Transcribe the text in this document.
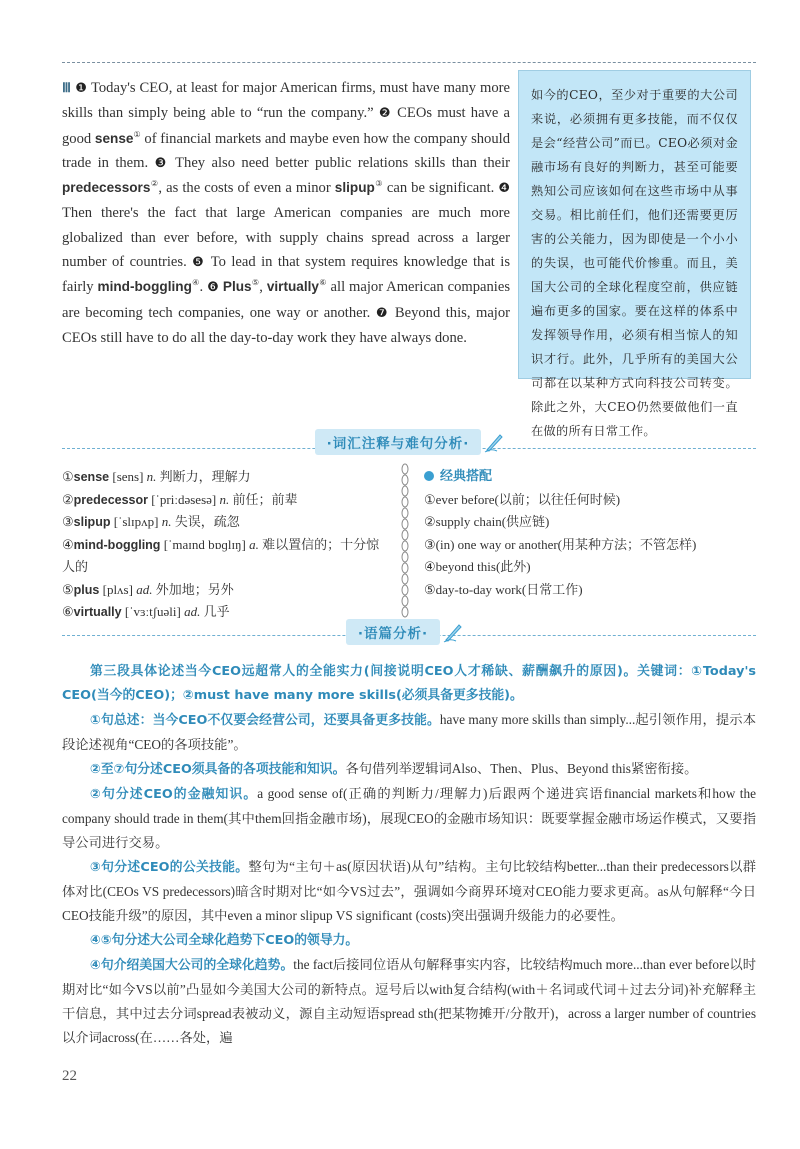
Ⅲ ❶ Today's CEO, at least for major American firms, must have many more skills than simply being able to “run the company.” ❷ CEOs must have a good sense① of financial markets and maybe even how the company should trade in them. ❸ They also need better public relations skills than their predecessors②, as the costs of even a minor slipup③ can be significant. ❹ Then there's the fact that large American companies are much more globalized than ever before, with supply chains spread across a larger number of countries. ❺ To lead in that system requires knowledge that is fairly mind-boggling④. ❻ Plus⑤, virtually⑥ all major American companies are becoming tech companies, one way or another. ❼ Beyond this, major CEOs still have to do all the day-to-day work they have always done.
如今的CEO，至少对于重要的大公司来说，必须拥有更多技能，而不仅仅是会“经营公司”而已。CEO必须对金融市场有良好的判断力，甚至可能要熟知公司应该如何在这些市场中从事交易。相比前任们，他们还需要更厉害的公关能力，因为即使是一个小小的失误，也可能代价惨重。而且，美国大公司的全球化程度空前，供应链遍布更多的国家。要在这样的体系中发挥领导作用，必须有相当惊人的知识才行。此外，几乎所有的美国大公司都在以某种方式向科技公司转变。除此之外，大CEO仍然要做他们一直在做的所有日常工作。
·词汇注释与难句分析·
①sense [sens] n. 判断力，理解力
②predecessor [ˈpriːdəsesə] n. 前任；前辈
③slipup [ˈslɪpʌp] n. 失误，疏忽
④mind-boggling [ˈmaɪnd bɒɡlɪŋ] a. 难以置信的；十分惊人的
⑤plus [plʌs] ad. 外加地；另外
⑥virtually [ˈvɜːtʃuəli] ad. 几乎
经典搭配
①ever before(以前；以往任何时候)
②supply chain(供应链)
③(in) one way or another(用某种方法；不管怎样)
④beyond this(此外)
⑤day-to-day work(日常工作)
·语篇分析·

第三段具体论述当今CEO远超常人的全能实力(间接说明CEO人才稀缺、薪酬飙升的原因)。关键词：①Today's CEO(当今的CEO)；②must have many more skills(必须具备更多技能)。

①句总述：当今CEO不仅要会经营公司，还要具备更多技能。have many more skills than simply...起引领作用，提示本段论述视角“CEO的各项技能”。

②至⑦句分述CEO须具备的各项技能和知识。各句借列举逻辑词Also、Then、Plus、Beyond this紧密衔接。

②句分述CEO的金融知识。a good sense of(正确的判断力/理解力)后跟两个递进宾语financial markets和how the company should trade in them(其中them回指金融市场)，展现CEO的金融市场知识：既要掌握金融市场运作模式，又要指导公司进行交易。

③句分述CEO的公关技能。整句为“主句＋as(原因状语)从句”结构。主句比较结构better...than their predecessors以群体对比(CEOs VS predecessors)暗含时期对比“如今VS过去”，强调如今商界环境对CEO能力要求更高。as从句解释“今日CEO技能升级”的原因，其中even a minor slipup VS significant (costs)突出强调升级能力的必要性。

④⑤句分述大公司全球化趋势下CEO的领导力。

④句介绍美国大公司的全球化趋势。the fact后接同位语从句解释事实内容，比较结构much more...than ever before以时期对比“如今VS以前”凸显如今美国大公司的新特点。逗号后以with复合结构(with＋名词或代词＋过去分词)补充解释主干信息，其中过去分词spread表被动义，源自主动短语spread sth(把某物摊开/分散开)，across a larger number of countries以介词across(在……各处，遍

22
